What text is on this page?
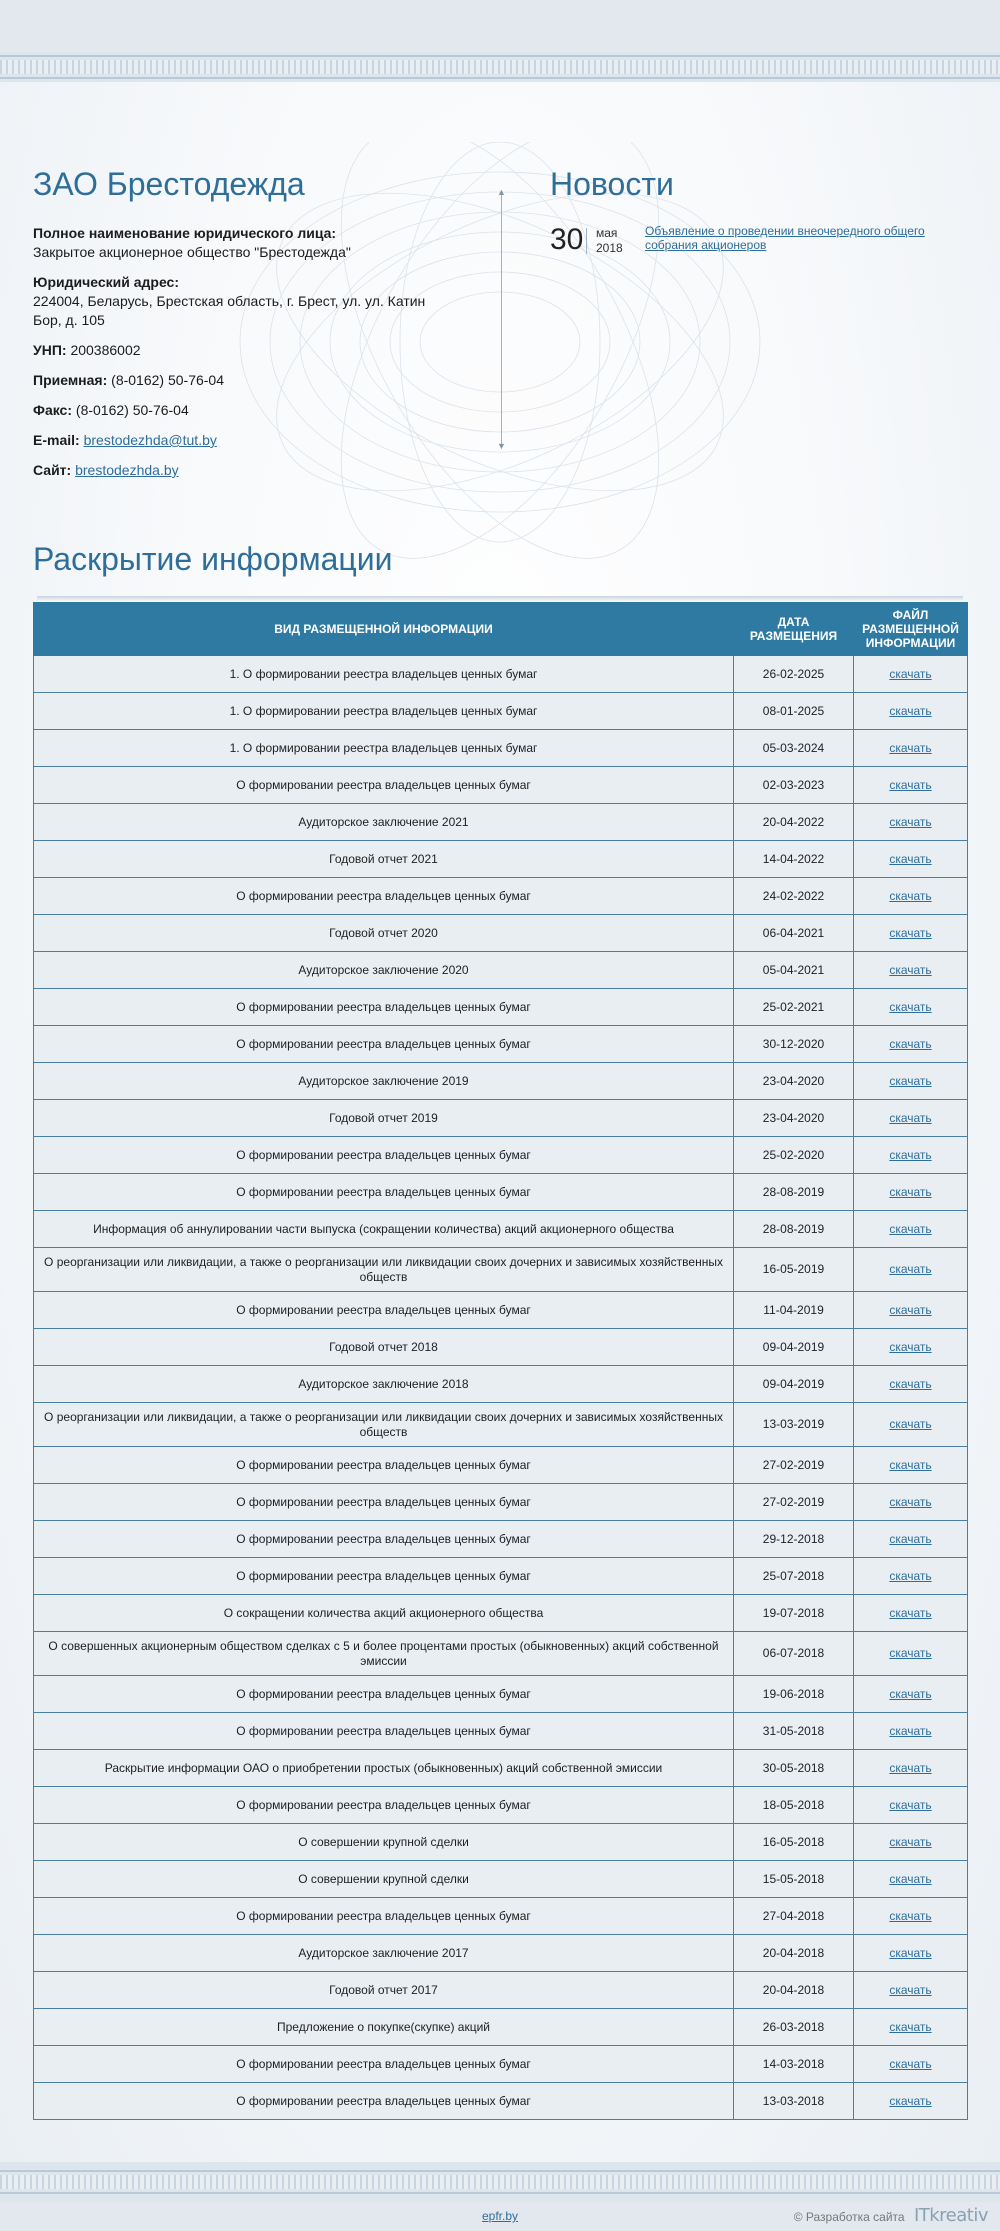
ЗАО Брестодежда

Полное наименование юридического лица:
Закрытое акционерное общество "Брестодежда"

Юридический адрес:
224004, Беларусь, Брестская область, г. Брест, ул. ул. Катин Бор, д. 105

УНП: 200386002

Приемная: (8-0162) 50-76-04

Факс: (8-0162) 50-76-04

E-mail: brestodezhda@tut.by

Сайт: brestodezhda.by

▲
▼
Новости
30 мая
2018
Объявление о проведении внеочередного общего собрания акционеров
Раскрытие информации
ВИД РАЗМЕЩЕННОЙ ИНФОРМАЦИИ	ДАТА РАЗМЕЩЕНИЯ	ФАЙЛ РАЗМЕЩЕННОЙ ИНФОРМАЦИИ
1. О формировании реестра владельцев ценных бумаг	26-02-2025	скачать
1. О формировании реестра владельцев ценных бумаг	08-01-2025	скачать
1. О формировании реестра владельцев ценных бумаг	05-03-2024	скачать
О формировании реестра владельцев ценных бумаг	02-03-2023	скачать
Аудиторское заключение 2021	20-04-2022	скачать
Годовой отчет 2021	14-04-2022	скачать
О формировании реестра владельцев ценных бумаг	24-02-2022	скачать
Годовой отчет 2020	06-04-2021	скачать
Аудиторское заключение 2020	05-04-2021	скачать
О формировании реестра владельцев ценных бумаг	25-02-2021	скачать
О формировании реестра владельцев ценных бумаг	30-12-2020	скачать
Аудиторское заключение 2019	23-04-2020	скачать
Годовой отчет 2019	23-04-2020	скачать
О формировании реестра владельцев ценных бумаг	25-02-2020	скачать
О формировании реестра владельцев ценных бумаг	28-08-2019	скачать
Информация об аннулировании части выпуска (сокращении количества) акций акционерного общества	28-08-2019	скачать
О реорганизации или ликвидации, а также о реорганизации или ликвидации своих дочерних и зависимых хозяйственных обществ	16-05-2019	скачать
О формировании реестра владельцев ценных бумаг	11-04-2019	скачать
Годовой отчет 2018	09-04-2019	скачать
Аудиторское заключение 2018	09-04-2019	скачать
О реорганизации или ликвидации, а также о реорганизации или ликвидации своих дочерних и зависимых хозяйственных обществ	13-03-2019	скачать
О формировании реестра владельцев ценных бумаг	27-02-2019	скачать
О формировании реестра владельцев ценных бумаг	27-02-2019	скачать
О формировании реестра владельцев ценных бумаг	29-12-2018	скачать
О формировании реестра владельцев ценных бумаг	25-07-2018	скачать
О сокращении количества акций акционерного общества	19-07-2018	скачать
О совершенных акционерным обществом сделках с 5 и более процентами простых (обыкновенных) акций собственной эмиссии	06-07-2018	скачать
О формировании реестра владельцев ценных бумаг	19-06-2018	скачать
О формировании реестра владельцев ценных бумаг	31-05-2018	скачать
Раскрытие информации ОАО о приобретении простых (обыкновенных) акций собственной эмиссии	30-05-2018	скачать
О формировании реестра владельцев ценных бумаг	18-05-2018	скачать
О совершении крупной сделки	16-05-2018	скачать
О совершении крупной сделки	15-05-2018	скачать
О формировании реестра владельцев ценных бумаг	27-04-2018	скачать
Аудиторское заключение 2017	20-04-2018	скачать
Годовой отчет 2017	20-04-2018	скачать
Предложение о покупке(скупке) акций	26-03-2018	скачать
О формировании реестра владельцев ценных бумаг	14-03-2018	скачать
О формировании реестра владельцев ценных бумаг	13-03-2018	скачать
epfr.by	© Разработка сайта ITkreativ
